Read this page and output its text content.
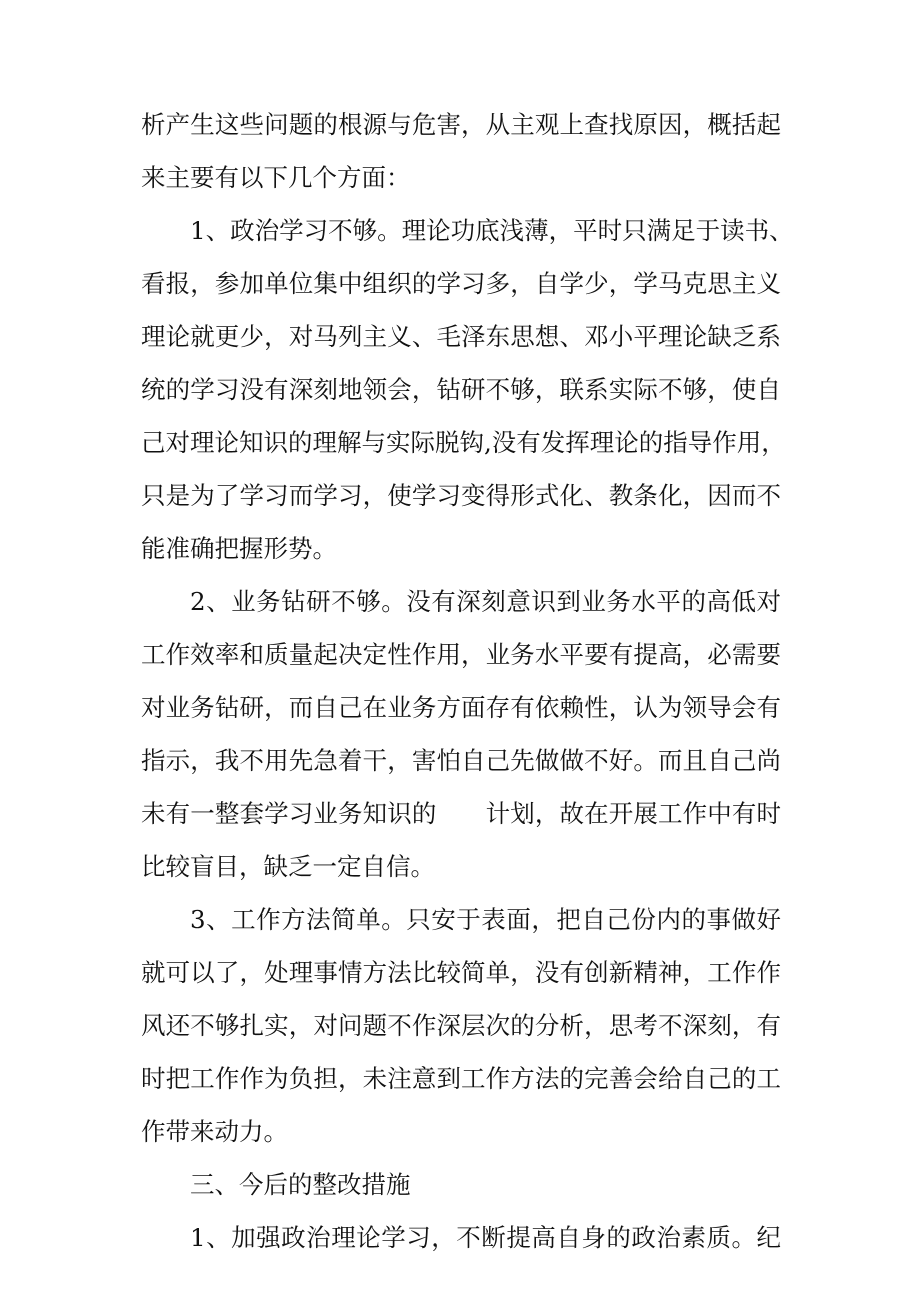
析产生这些问题的根源与危害，从主观上查找原因，概括起
来主要有以下几个方面：
1、政治学习不够。理论功底浅薄，平时只满足于读书、
看报，参加单位集中组织的学习多，自学少，学马克思主义
理论就更少，对马列主义、毛泽东思想、邓小平理论缺乏系
统的学习没有深刻地领会，钻研不够，联系实际不够，使自
己对理论知识的理解与实际脱钩,没有发挥理论的指导作用，
只是为了学习而学习，使学习变得形式化、教条化，因而不
能准确把握形势。
2、业务钻研不够。没有深刻意识到业务水平的高低对
工作效率和质量起决定性作用，业务水平要有提高，必需要
对业务钻研，而自己在业务方面存有依赖性，认为领导会有
指示，我不用先急着干，害怕自己先做做不好。而且自己尚
未有一整套学习业务知识的　　计划，故在开展工作中有时
比较盲目，缺乏一定自信。
3、工作方法简单。只安于表面，把自己份内的事做好
就可以了，处理事情方法比较简单，没有创新精神，工作作
风还不够扎实，对问题不作深层次的分析，思考不深刻，有
时把工作作为负担，未注意到工作方法的完善会给自己的工
作带来动力。
三、今后的整改措施
1、加强政治理论学习，不断提高自身的政治素质。纪
